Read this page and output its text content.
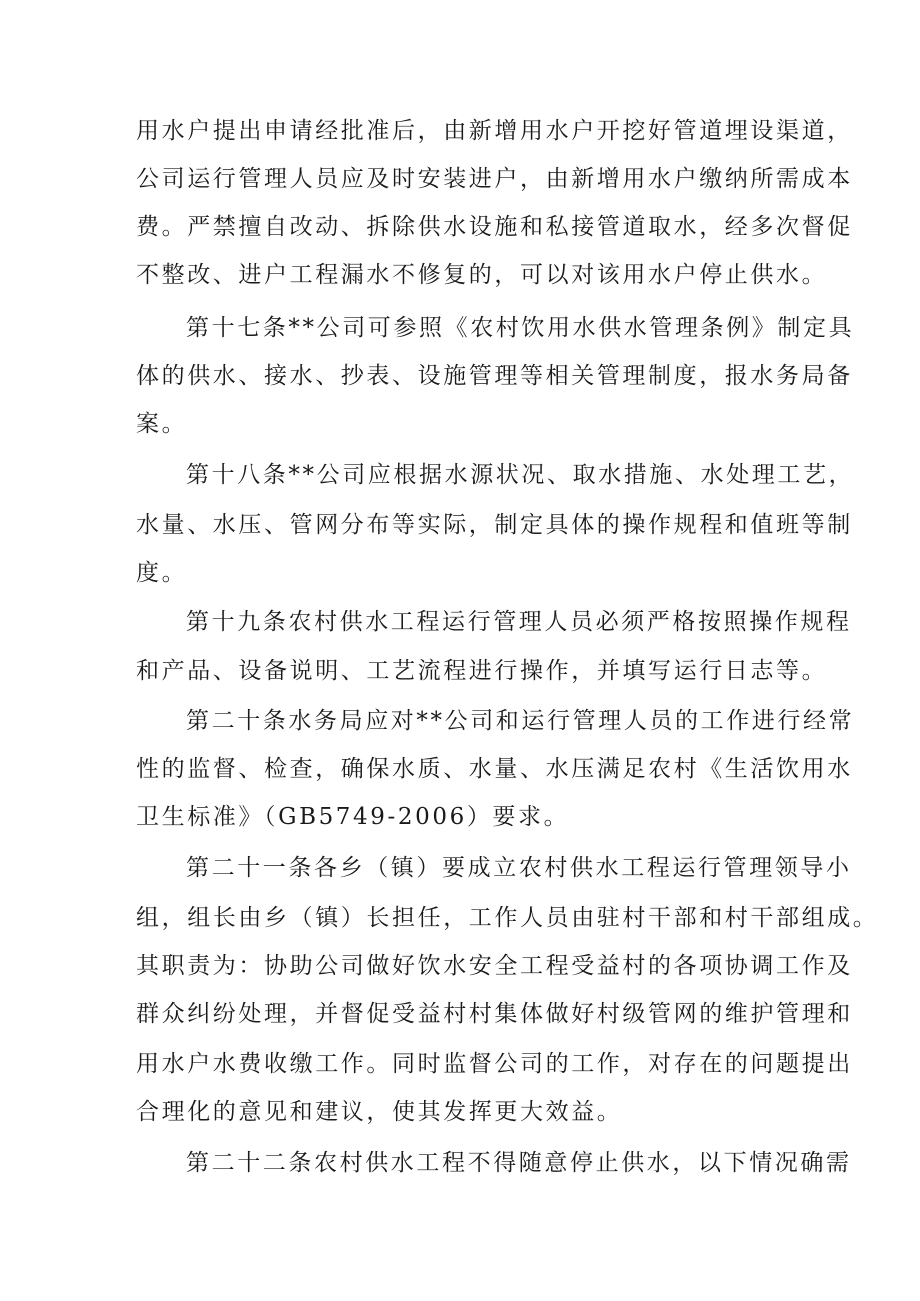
用水户提出申请经批准后，由新增用水户开挖好管道埋设渠道，
公司运行管理人员应及时安装进户，由新增用水户缴纳所需成本
费。严禁擅自改动、拆除供水设施和私接管道取水，经多次督促
不整改、进户工程漏水不修复的，可以对该用水户停止供水。
第十七条**公司可参照《农村饮用水供水管理条例》制定具
体的供水、接水、抄表、设施管理等相关管理制度，报水务局备
案。
第十八条**公司应根据水源状况、取水措施、水处理工艺，
水量、水压、管网分布等实际，制定具体的操作规程和值班等制
度。
第十九条农村供水工程运行管理人员必须严格按照操作规程
和产品、设备说明、工艺流程进行操作，并填写运行日志等。
第二十条水务局应对**公司和运行管理人员的工作进行经常
性的监督、检查，确保水质、水量、水压满足农村《生活饮用水
卫生标准》（GB5749-2006）要求。
第二十一条各乡（镇）要成立农村供水工程运行管理领导小
组，组长由乡（镇）长担任，工作人员由驻村干部和村干部组成。
其职责为：协助公司做好饮水安全工程受益村的各项协调工作及
群众纠纷处理，并督促受益村村集体做好村级管网的维护管理和
用水户水费收缴工作。同时监督公司的工作，对存在的问题提出
合理化的意见和建议，使其发挥更大效益。
第二十二条农村供水工程不得随意停止供水，以下情况确需
